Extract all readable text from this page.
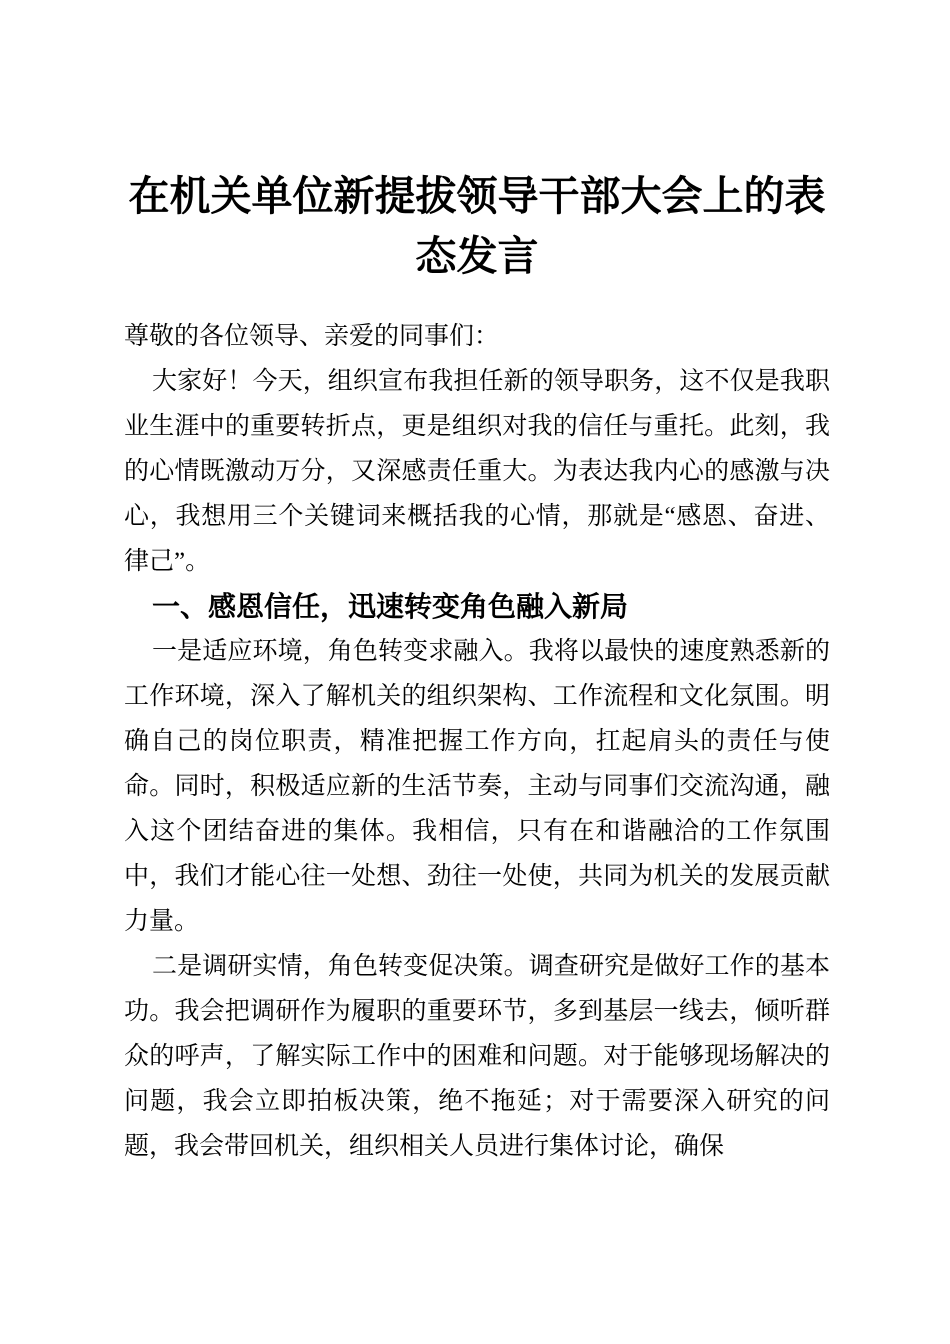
在机关单位新提拔领导干部大会上的表态发言

尊敬的各位领导、亲爱的同事们：

大家好！今天，组织宣布我担任新的领导职务，这不仅是我职业生涯中的重要转折点，更是组织对我的信任与重托。此刻，我的心情既激动万分，又深感责任重大。为表达我内心的感激与决心，我想用三个关键词来概括我的心情，那就是“感恩、奋进、律己”。

一、感恩信任，迅速转变角色融入新局

一是适应环境，角色转变求融入。我将以最快的速度熟悉新的工作环境，深入了解机关的组织架构、工作流程和文化氛围。明确自己的岗位职责，精准把握工作方向，扛起肩头的责任与使命。同时，积极适应新的生活节奏，主动与同事们交流沟通，融入这个团结奋进的集体。我相信，只有在和谐融洽的工作氛围中，我们才能心往一处想、劲往一处使，共同为机关的发展贡献力量。

二是调研实情，角色转变促决策。调查研究是做好工作的基本功。我会把调研作为履职的重要环节，多到基层一线去，倾听群众的呼声，了解实际工作中的困难和问题。对于能够现场解决的问题，我会立即拍板决策，绝不拖延；对于需要深入研究的问题，我会带回机关，组织相关人员进行集体讨论，确保
